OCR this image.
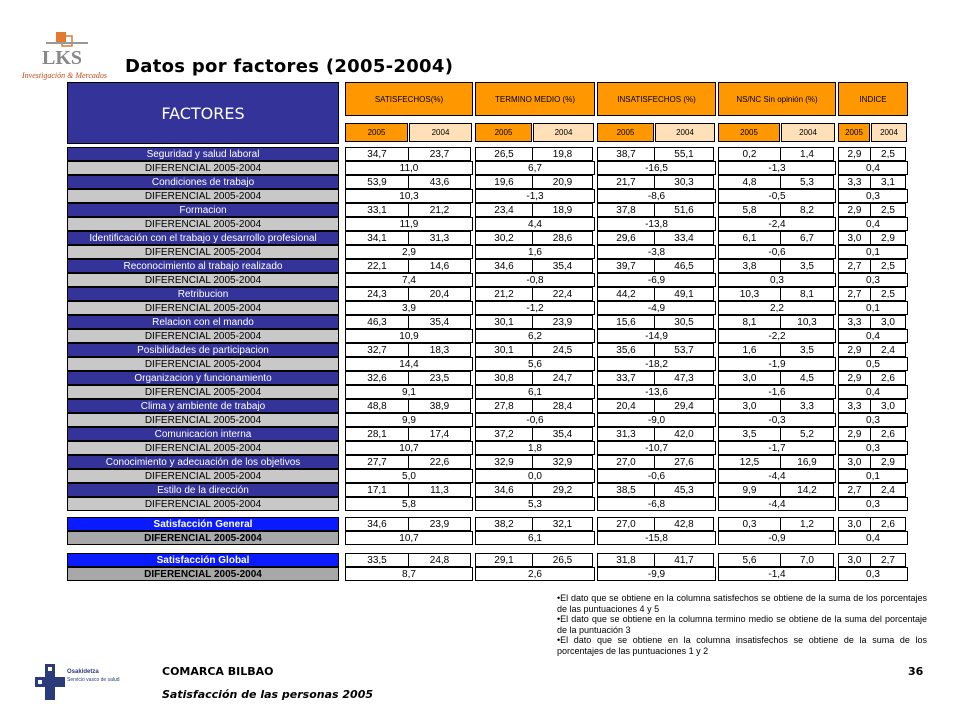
LKS
Investigación & Mercados Datos por factores (2005-2004)
FACTORES
SATISFECHOS(%)
2005	2004
TERMINO MEDIO (%)
2005	2004
INSATISFECHOS (%)
2005	2004
NS/NC Sin opinión (%)
2005	2004
INDICE
2005	2004
Seguridad y salud laboral	34,7	23,7	26,5	19,8	38,7	55,1	0,2	1,4	2,9	2,5
DIFERENCIAL 2005-2004	11,0	6,7	-16,5	-1,3	0,4
Condiciones de trabajo	53,9	43,6	19,6	20,9	21,7	30,3	4,8	5,3	3,3	3,1
DIFERENCIAL 2005-2004	10,3	-1,3	-8,6	-0,5	0,3
Formacion	33,1	21,2	23,4	18,9	37,8	51,6	5,8	8,2	2,9	2,5
DIFERENCIAL 2005-2004	11,9	4,4	-13,8	-2,4	0,4
Identificación con el trabajo y desarrollo profesional	34,1	31,3	30,2	28,6	29,6	33,4	6,1	6,7	3,0	2,9
DIFERENCIAL 2005-2004	2,9	1,6	-3,8	-0,6	0,1
Reconocimiento al trabajo realizado	22,1	14,6	34,6	35,4	39,7	46,5	3,8	3,5	2,7	2,5
DIFERENCIAL 2005-2004	7,4	-0,8	-6,9	0,3	0,3
Retribucion	24,3	20,4	21,2	22,4	44,2	49,1	10,3	8,1	2,7	2,5
DIFERENCIAL 2005-2004	3,9	-1,2	-4,9	2,2	0,1
Relacion con el mando	46,3	35,4	30,1	23,9	15,6	30,5	8,1	10,3	3,3	3,0
DIFERENCIAL 2005-2004	10,9	6,2	-14,9	-2,2	0,4
Posibilidades de participacion	32,7	18,3	30,1	24,5	35,6	53,7	1,6	3,5	2,9	2,4
DIFERENCIAL 2005-2004	14,4	5,6	-18,2	-1,9	0,5
Organizacion y funcionamiento	32,6	23,5	30,8	24,7	33,7	47,3	3,0	4,5	2,9	2,6
DIFERENCIAL 2005-2004	9,1	6,1	-13,6	-1,6	0,4
Clima y ambiente de trabajo	48,8	38,9	27,8	28,4	20,4	29,4	3,0	3,3	3,3	3,0
DIFERENCIAL 2005-2004	9,9	-0,6	-9,0	-0,3	0,3
Comunicacion interna	28,1	17,4	37,2	35,4	31,3	42,0	3,5	5,2	2,9	2,6
DIFERENCIAL 2005-2004	10,7	1,8	-10,7	-1,7	0,3
Conocimiento y adecuación de los objetivos	27,7	22,6	32,9	32,9	27,0	27,6	12,5	16,9	3,0	2,9
DIFERENCIAL 2005-2004	5,0	0,0	-0,6	-4,4	0,1
Estilo de la dirección	17,1	11,3	34,6	29,2	38,5	45,3	9,9	14,2	2,7	2,4
DIFERENCIAL 2005-2004	5,8	5,3	-6,8	-4,4	0,3
Satisfacción General	34,6	23,9	38,2	32,1	27,0	42,8	0,3	1,2	3,0	2,6
DIFERENCIAL 2005-2004	10,7	6,1	-15,8	-0,9	0,4
Satisfacción Global	33,5	24,8	29,1	26,5	31,8	41,7	5,6	7,0	3,0	2,7
DIFERENCIAL 2005-2004	8,7	2,6	-9,9	-1,4	0,3

•El dato que se obtiene en la columna satisfechos se obtiene de la suma de los porcentajes de las puntuaciones 4 y 5

•El dato que se obtiene en la columna termino medio se obtiene de la suma del porcentaje de la puntuación 3

•El dato que se obtiene en la columna insatisfechos se obtiene de la suma de los porcentajes de las puntuaciones 1 y 2

Osakidetza
Servicio vasco de salud
COMARCA BILBAO
Satisfacción de las personas 2005
36
